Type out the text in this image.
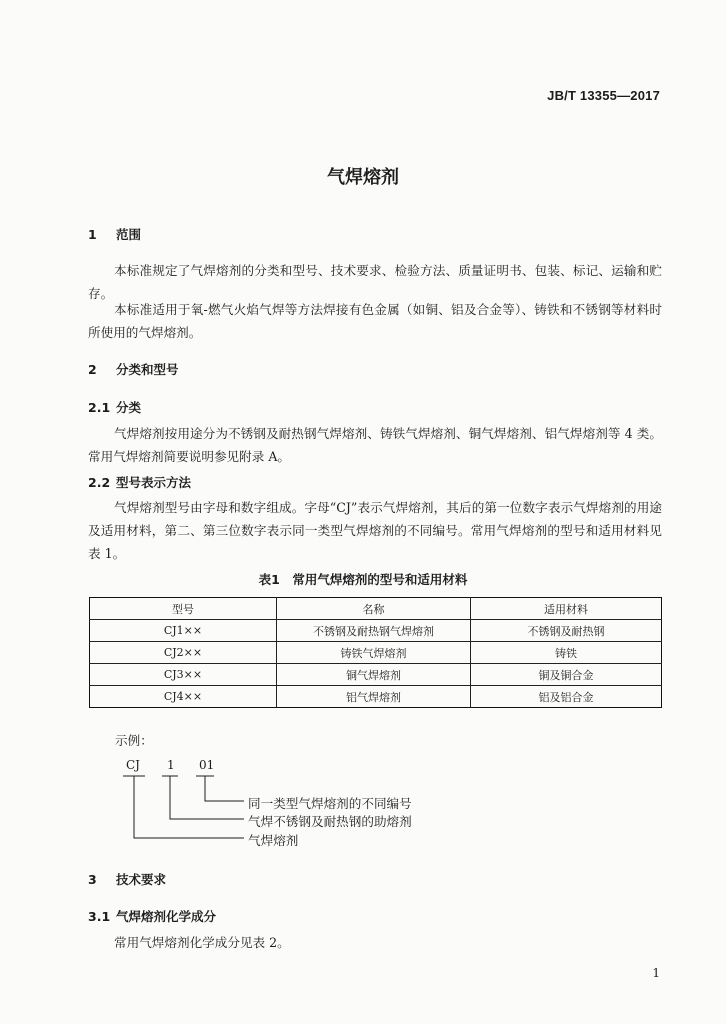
JB/T 13355—2017
气焊熔剂
1 范围
本标准规定了气焊熔剂的分类和型号、技术要求、检验方法、质量证明书、包装、标记、运输和贮存。
本标准适用于氧-燃气火焰气焊等方法焊接有色金属（如铜、铝及合金等）、铸铁和不锈钢等材料时所使用的气焊熔剂。
2 分类和型号
2.1 分类
气焊熔剂按用途分为不锈钢及耐热钢气焊熔剂、铸铁气焊熔剂、铜气焊熔剂、铝气焊熔剂等 4 类。常用气焊熔剂简要说明参见附录 A。
2.2 型号表示方法
气焊熔剂型号由字母和数字组成。字母“CJ”表示气焊熔剂，其后的第一位数字表示气焊熔剂的用途及适用材料，第二、第三位数字表示同一类型气焊熔剂的不同编号。常用气焊熔剂的型号和适用材料见表 1。
表1　常用气焊熔剂的型号和适用材料
型号	名称	适用材料
CJ1××	不锈钢及耐热钢气焊熔剂	不锈钢及耐热钢
CJ2××	铸铁气焊熔剂	铸铁
CJ3××	铜气焊熔剂	铜及铜合金
CJ4××	铝气焊熔剂	铝及铝合金
示例：
CJ 1 01
同一类型气焊熔剂的不同编号
气焊不锈钢及耐热钢的助熔剂
气焊熔剂
3 技术要求
3.1 气焊熔剂化学成分
常用气焊熔剂化学成分见表 2。
1
